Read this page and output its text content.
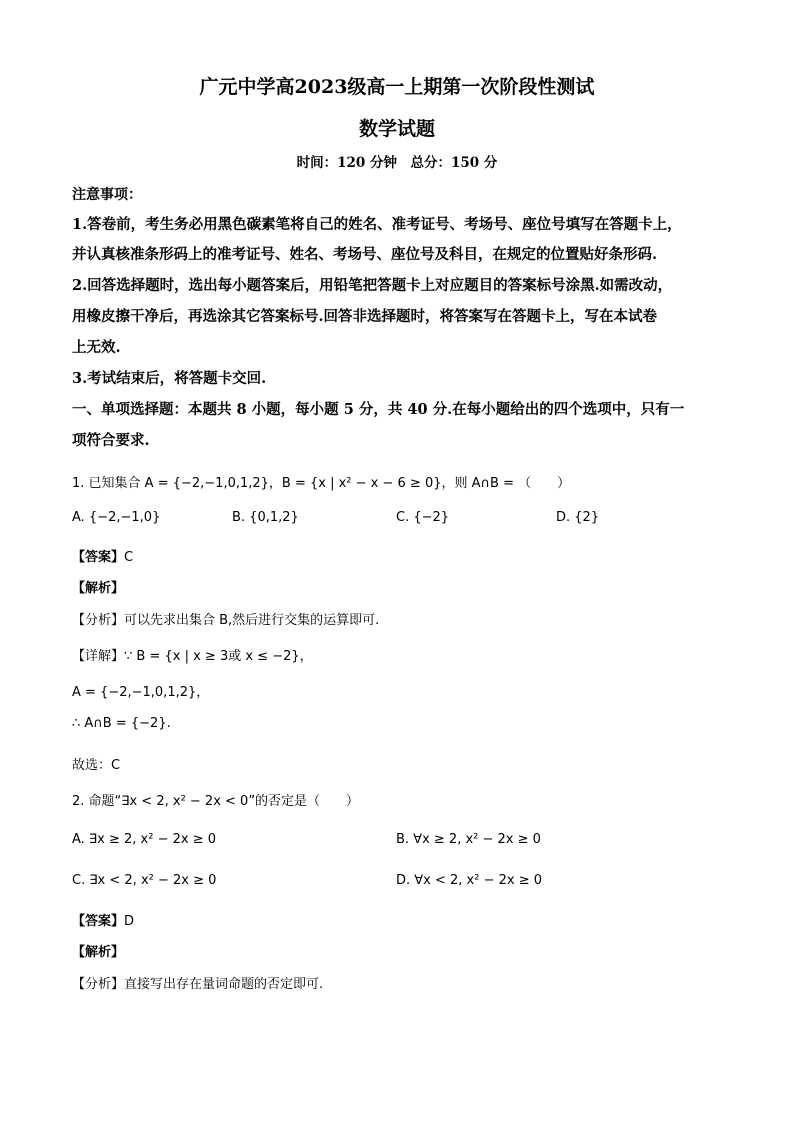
广元中学高2023级高一上期第一次阶段性测试
数学试题
时间：120 分钟　总分：150 分
注意事项：
1.答卷前，考生务必用黑色碳素笔将自己的姓名、准考证号、考场号、座位号填写在答题卡上，
并认真核准条形码上的准考证号、姓名、考场号、座位号及科目，在规定的位置贴好条形码.
2.回答选择题时，选出每小题答案后，用铅笔把答题卡上对应题目的答案标号涂黑.如需改动，
用橡皮擦干净后，再选涂其它答案标号.回答非选择题时，将答案写在答题卡上，写在本试卷
上无效.
3.考试结束后，将答题卡交回.
一、单项选择题：本题共 8 小题，每小题 5 分，共 40 分.在每小题给出的四个选项中，只有一
项符合要求.
1. 已知集合 A = {−2,−1,0,1,2}，B = {x | x² − x − 6 ≥ 0}，则 A∩B = （　　）
A. {−2,−1,0}	B. {0,1,2}	C. {−2}	D. {2}
【答案】C
【解析】
【分析】可以先求出集合 B,然后进行交集的运算即可.
【详解】∵ B = {x | x ≥ 3或 x ≤ −2}，
A = {−2,−1,0,1,2}，
∴ A∩B = {−2}.
故选：C
2. 命题“∃x < 2, x² − 2x < 0”的否定是（　　）
A. ∃x ≥ 2, x² − 2x ≥ 0	B. ∀x ≥ 2, x² − 2x ≥ 0
C. ∃x < 2, x² − 2x ≥ 0	D. ∀x < 2, x² − 2x ≥ 0
【答案】D
【解析】
【分析】直接写出存在量词命题的否定即可.
